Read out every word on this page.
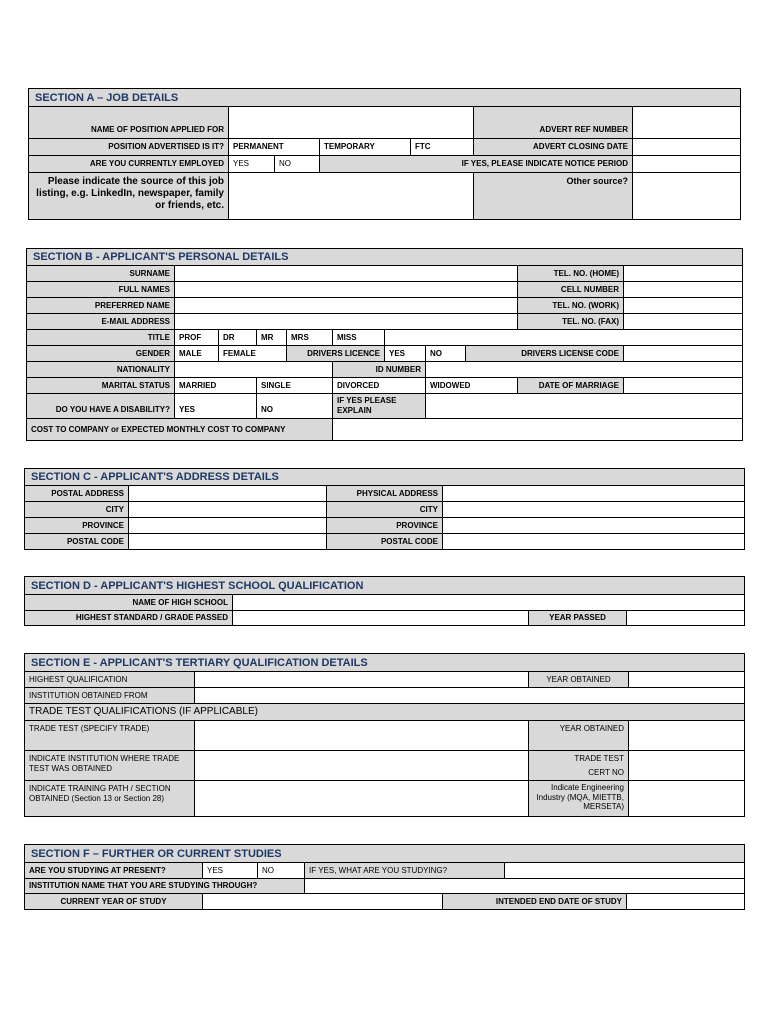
SECTION A – JOB DETAILS
NAME OF POSITION APPLIED FOR	ADVERT REF NUMBER
POSITION ADVERTISED IS IT?	PERMANENT	TEMPORARY	FTC	ADVERT CLOSING DATE
ARE YOU CURRENTLY EMPLOYED	YES	NO	IF YES, PLEASE INDICATE NOTICE PERIOD
Please indicate the source of this job listing, e.g. LinkedIn, newspaper, family or friends, etc.
Other source?
SECTION B - APPLICANT'S PERSONAL DETAILS
SURNAME	TEL. NO. (HOME)
FULL NAMES	CELL NUMBER
PREFERRED NAME	TEL. NO. (WORK)
E-MAIL ADDRESS	TEL. NO. (FAX)
TITLE	PROF	DR	MR	MRS	MISS
GENDER	MALE	FEMALE	DRIVERS LICENCE	YES	NO	DRIVERS LICENSE CODE
NATIONALITY	ID NUMBER
MARITAL STATUS	MARRIED	SINGLE	DIVORCED	WIDOWED	DATE OF MARRIAGE
DO YOU HAVE A DISABILITY?	YES	NO
IF YES PLEASE EXPLAIN
COST TO COMPANY or EXPECTED MONTHLY COST TO COMPANY
SECTION C - APPLICANT'S ADDRESS DETAILS
POSTAL ADDRESS	PHYSICAL ADDRESS
CITY	CITY
PROVINCE	PROVINCE
POSTAL CODE	POSTAL CODE
SECTION D - APPLICANT'S HIGHEST SCHOOL QUALIFICATION
NAME OF HIGH SCHOOL
HIGHEST STANDARD / GRADE PASSED	YEAR PASSED
SECTION E - APPLICANT'S TERTIARY QUALIFICATION DETAILS
HIGHEST QUALIFICATION	YEAR OBTAINED
INSTITUTION OBTAINED FROM
TRADE TEST QUALIFICATIONS (IF APPLICABLE)
TRADE TEST (SPECIFY TRADE)	YEAR OBTAINED
INDICATE INSTITUTION WHERE TRADE TEST WAS OBTAINED
TRADE TEST
CERT NO
INDICATE TRAINING PATH / SECTION OBTAINED (Section 13 or Section 28)
Indicate Engineering Industry (MQA, MIETTB, MERSETA)
SECTION F – FURTHER OR CURRENT STUDIES
ARE YOU STUDYING AT PRESENT?	YES	NO	IF YES, WHAT ARE YOU STUDYING?
INSTITUTION NAME THAT YOU ARE STUDYING THROUGH?
CURRENT YEAR OF STUDY	INTENDED END DATE OF STUDY
